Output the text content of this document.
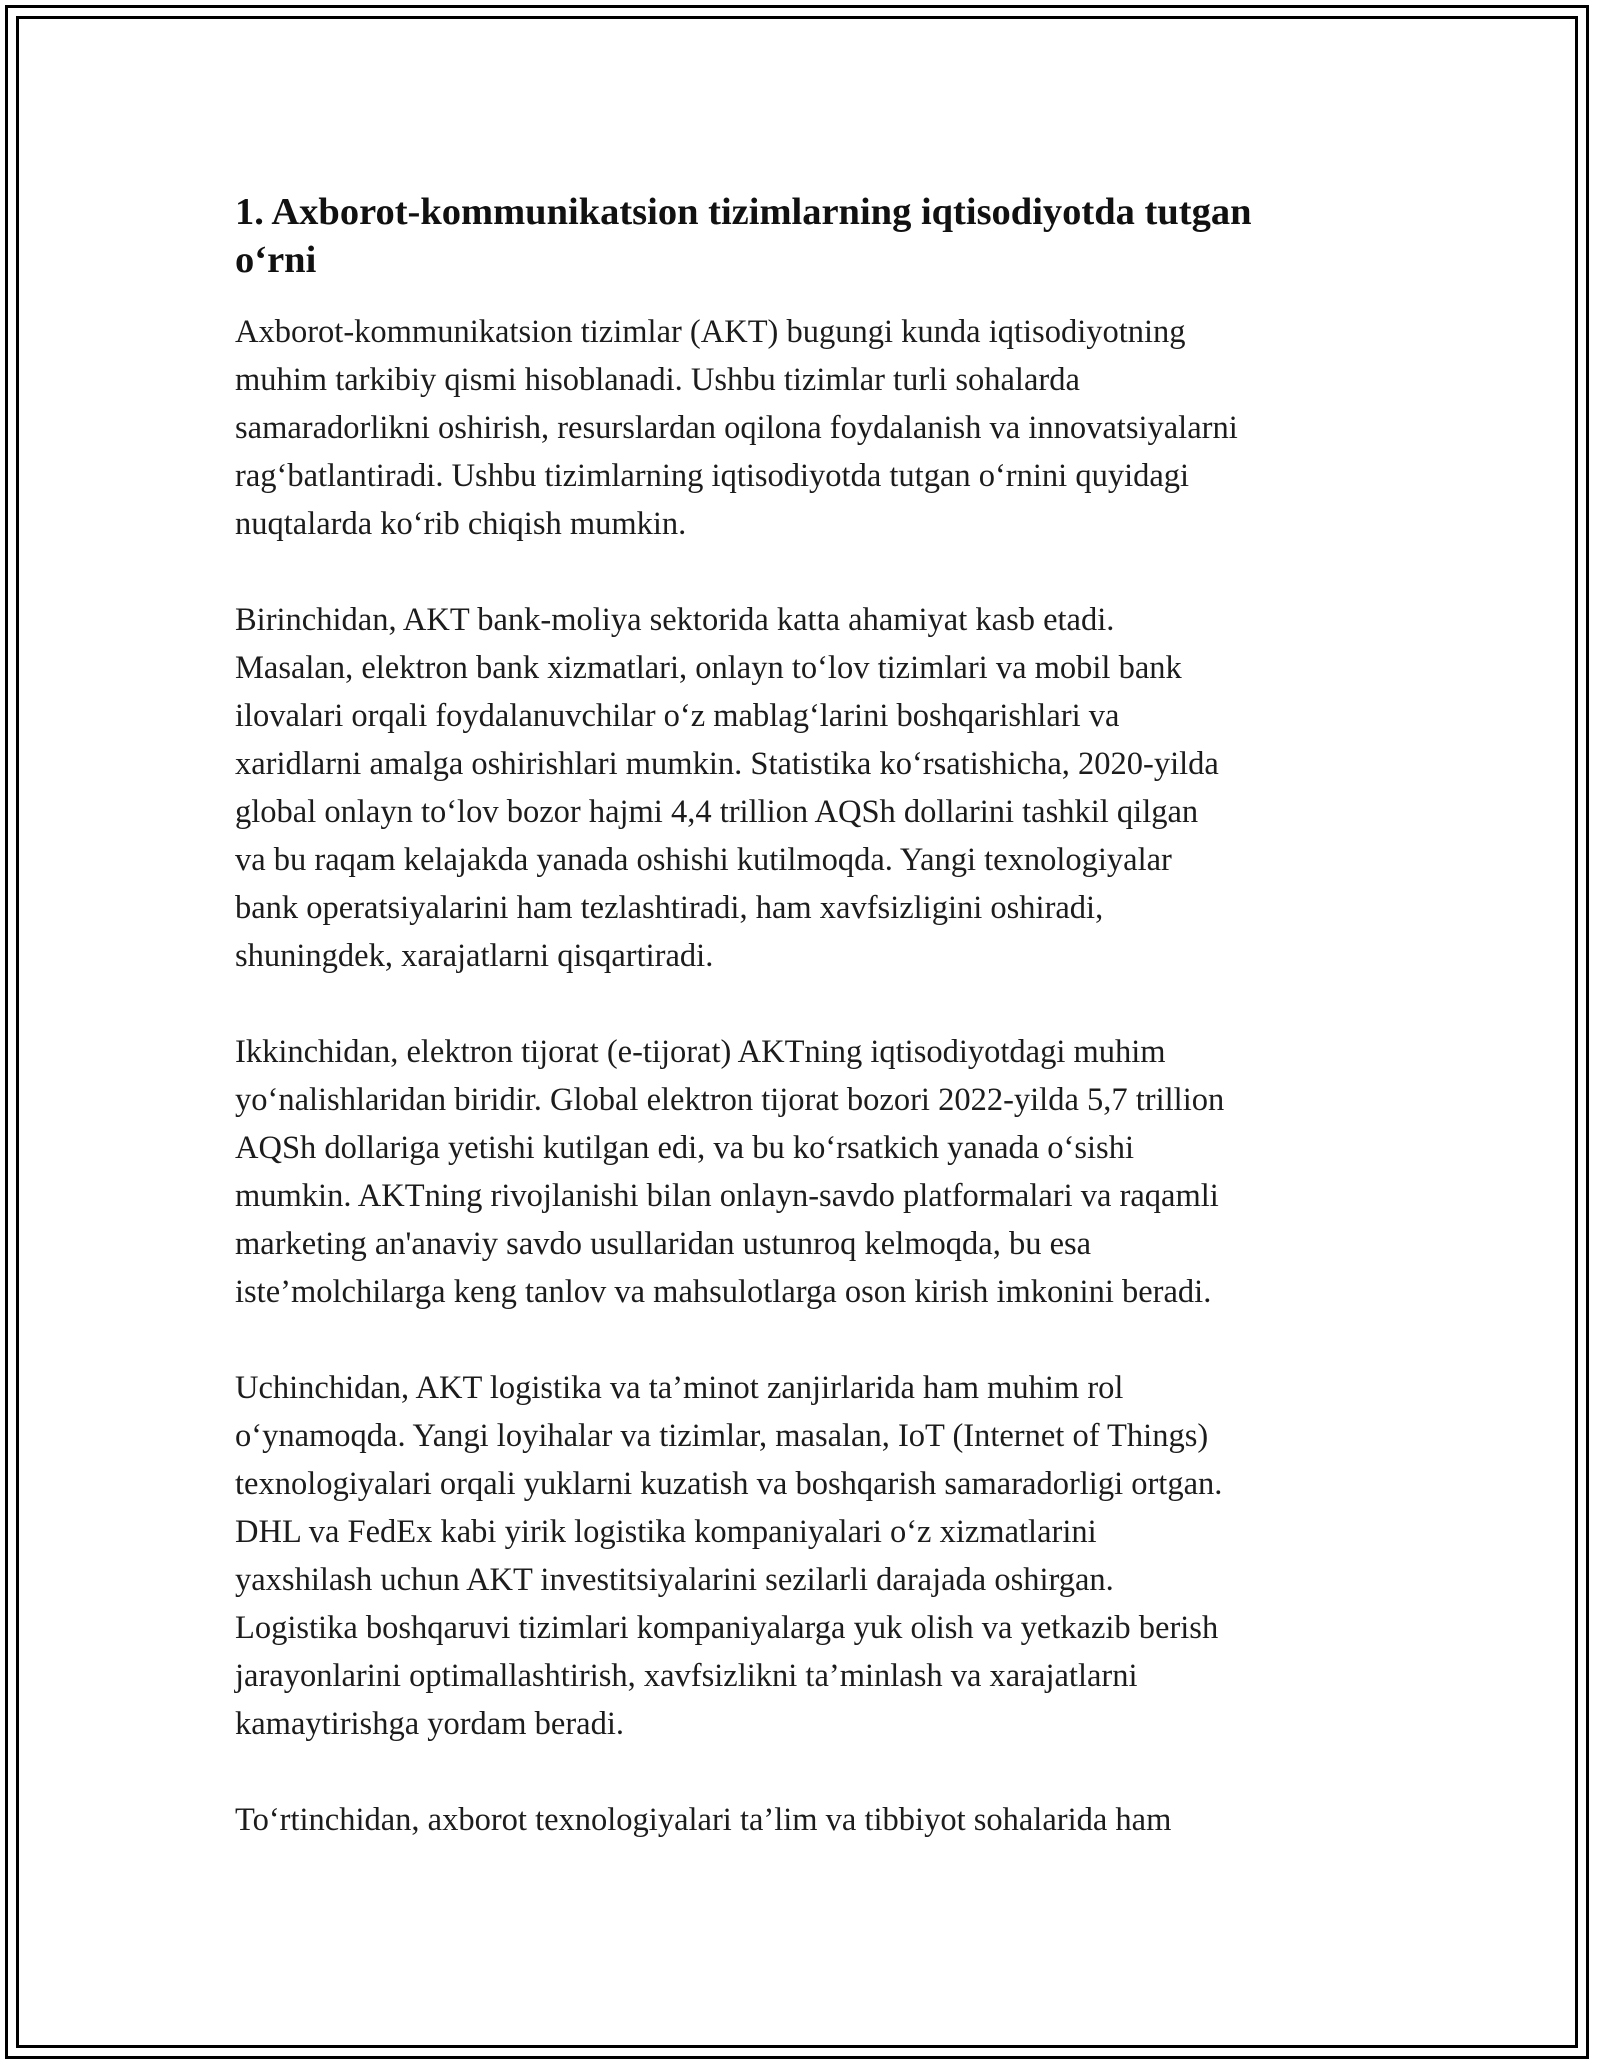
1. Axborot-kommunikatsion tizimlarning iqtisodiyotda tutgan
o‘rni

Axborot-kommunikatsion tizimlar (AKT) bugungi kunda iqtisodiyotning
muhim tarkibiy qismi hisoblanadi. Ushbu tizimlar turli sohalarda
samaradorlikni oshirish, resurslardan oqilona foydalanish va innovatsiyalarni
rag‘batlantiradi. Ushbu tizimlarning iqtisodiyotda tutgan o‘rnini quyidagi
nuqtalarda ko‘rib chiqish mumkin.

Birinchidan, AKT bank-moliya sektorida katta ahamiyat kasb etadi.
Masalan, elektron bank xizmatlari, onlayn to‘lov tizimlari va mobil bank
ilovalari orqali foydalanuvchilar o‘z mablag‘larini boshqarishlari va
xaridlarni amalga oshirishlari mumkin. Statistika ko‘rsatishicha, 2020-yilda
global onlayn to‘lov bozor hajmi 4,4 trillion AQSh dollarini tashkil qilgan
va bu raqam kelajakda yanada oshishi kutilmoqda. Yangi texnologiyalar
bank operatsiyalarini ham tezlashtiradi, ham xavfsizligini oshiradi,
shuningdek, xarajatlarni qisqartiradi.

Ikkinchidan, elektron tijorat (e-tijorat) AKTning iqtisodiyotdagi muhim
yo‘nalishlaridan biridir. Global elektron tijorat bozori 2022-yilda 5,7 trillion
AQSh dollariga yetishi kutilgan edi, va bu ko‘rsatkich yanada o‘sishi
mumkin. AKTning rivojlanishi bilan onlayn-savdo platformalari va raqamli
marketing an'anaviy savdo usullaridan ustunroq kelmoqda, bu esa
iste’molchilarga keng tanlov va mahsulotlarga oson kirish imkonini beradi.

Uchinchidan, AKT logistika va ta’minot zanjirlarida ham muhim rol
o‘ynamoqda. Yangi loyihalar va tizimlar, masalan, IoT (Internet of Things)
texnologiyalari orqali yuklarni kuzatish va boshqarish samaradorligi ortgan.
DHL va FedEx kabi yirik logistika kompaniyalari o‘z xizmatlarini
yaxshilash uchun AKT investitsiyalarini sezilarli darajada oshirgan.
Logistika boshqaruvi tizimlari kompaniyalarga yuk olish va yetkazib berish
jarayonlarini optimallashtirish, xavfsizlikni ta’minlash va xarajatlarni
kamaytirishga yordam beradi.

To‘rtinchidan, axborot texnologiyalari ta’lim va tibbiyot sohalarida ham
